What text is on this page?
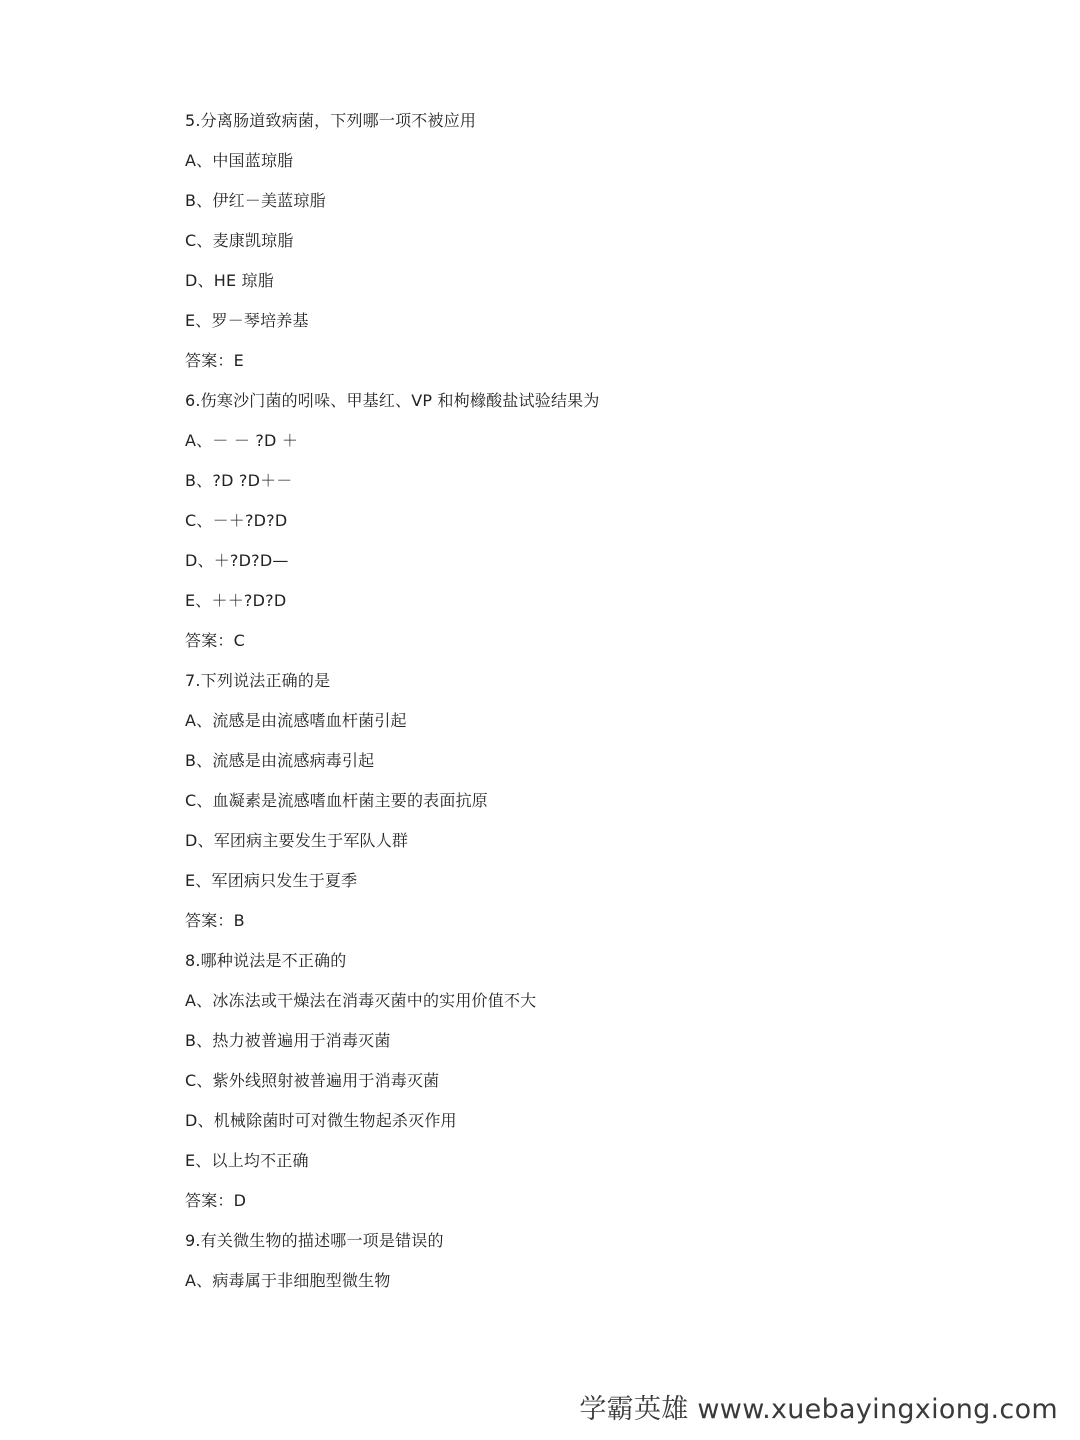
5.分离肠道致病菌，下列哪一项不被应用
A、中国蓝琼脂
B、伊红－美蓝琼脂
C、麦康凯琼脂
D、HE 琼脂
E、罗－琴培养基
答案：E
6.伤寒沙门菌的吲哚、甲基红、VP 和枸橼酸盐试验结果为
A、－ － ?D ＋
B、?D ?D＋－
C、－＋?D?D
D、＋?D?D—
E、＋＋?D?D
答案：C
7.下列说法正确的是
A、流感是由流感嗜血杆菌引起
B、流感是由流感病毒引起
C、血凝素是流感嗜血杆菌主要的表面抗原
D、军团病主要发生于军队人群
E、军团病只发生于夏季
答案：B
8.哪种说法是不正确的
A、冰冻法或干燥法在消毒灭菌中的实用价值不大
B、热力被普遍用于消毒灭菌
C、紫外线照射被普遍用于消毒灭菌
D、机械除菌时可对微生物起杀灭作用
E、以上均不正确
答案：D
9.有关微生物的描述哪一项是错误的
A、病毒属于非细胞型微生物
学霸英雄 www.xuebayingxiong.com
